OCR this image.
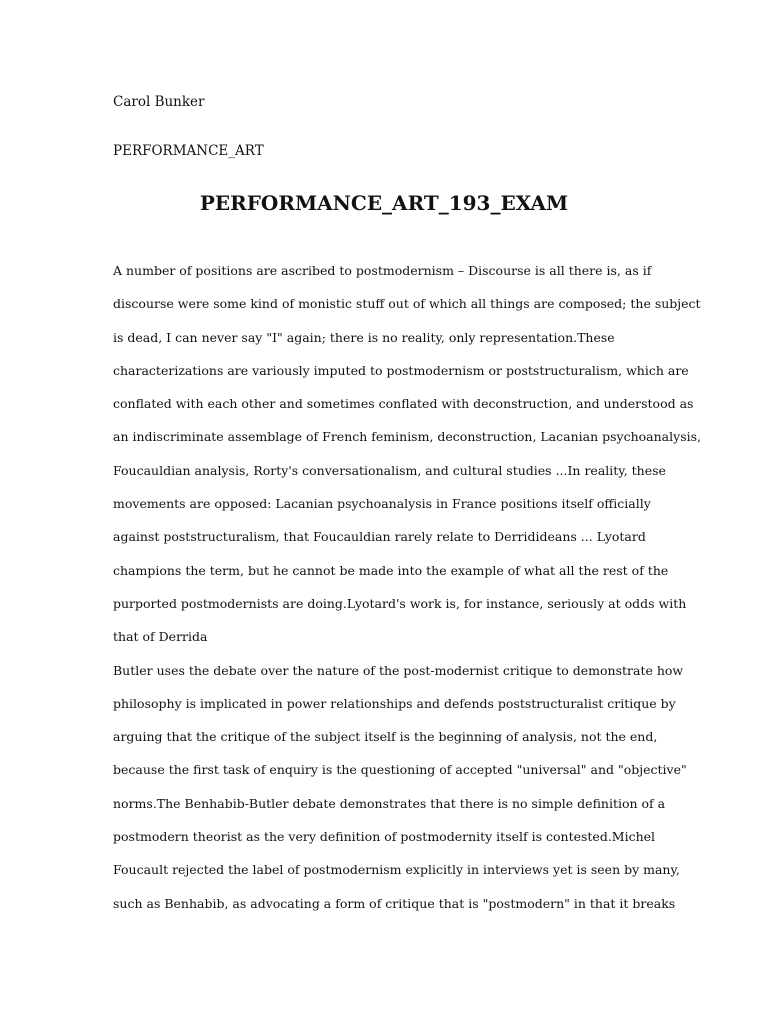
Carol Bunker
PERFORMANCE_ART
PERFORMANCE_ART_193_EXAM
A number of positions are ascribed to postmodernism – Discourse is all there is, as if
discourse were some kind of monistic stuff out of which all things are composed; the subject
is dead, I can never say "I" again; there is no reality, only representation.These
characterizations are variously imputed to postmodernism or poststructuralism, which are
conflated with each other and sometimes conflated with deconstruction, and understood as
an indiscriminate assemblage of French feminism, deconstruction, Lacanian psychoanalysis,
Foucauldian analysis, Rorty's conversationalism, and cultural studies ...In reality, these
movements are opposed: Lacanian psychoanalysis in France positions itself officially
against poststructuralism, that Foucauldian rarely relate to Derridideans ... Lyotard
champions the term, but he cannot be made into the example of what all the rest of the
purported postmodernists are doing.Lyotard's work is, for instance, seriously at odds with
that of Derrida
Butler uses the debate over the nature of the post-modernist critique to demonstrate how
philosophy is implicated in power relationships and defends poststructuralist critique by
arguing that the critique of the subject itself is the beginning of analysis, not the end,
because the first task of enquiry is the questioning of accepted "universal" and "objective"
norms.The Benhabib-Butler debate demonstrates that there is no simple definition of a
postmodern theorist as the very definition of postmodernity itself is contested.Michel
Foucault rejected the label of postmodernism explicitly in interviews yet is seen by many,
such as Benhabib, as advocating a form of critique that is "postmodern" in that it breaks
